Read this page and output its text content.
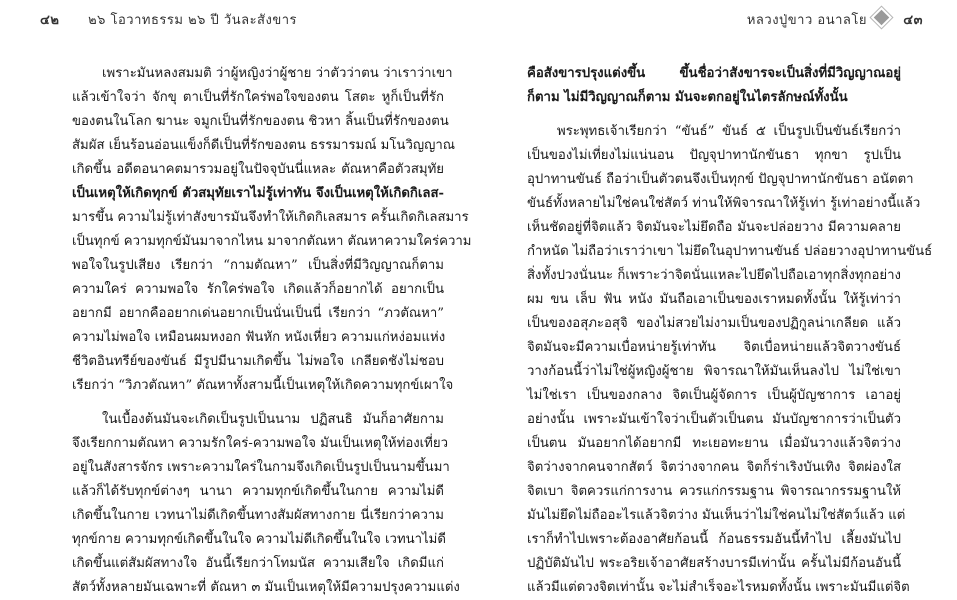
๔๒ ๒๖ โอวาทธรรม ๒๖ ปี วันละสังขาร
เพราะมันหลงสมมติ ว่าผู้หญิงว่าผู้ชาย ว่าตัวว่าตน ว่าเราว่าเขา
แล้วเข้าใจว่า จักขุ ตาเป็นที่รักใคร่พอใจของตน โสตะ หูก็เป็นที่รัก
ของตนในโลก ฆานะ จมูกเป็นที่รักของตน ชิวหา ลิ้นเป็นที่รักของตน
สัมผัส เย็นร้อนอ่อนแข็งก็ดีเป็นที่รักของตน ธรรมารมณ์ มโนวิญญาณ
เกิดขึ้น อดีตอนาคตมารวมอยู่ในปัจจุบันนี่แหละ ตัณหาคือตัวสมุทัย
เป็นเหตุให้เกิดทุกข์ ตัวสมุทัยเราไม่รู้เท่าทัน จึงเป็นเหตุให้เกิดกิเลส-
มารขึ้น ความไม่รู้เท่าสังขารมันจึงทำให้เกิดกิเลสมาร ครั้นเกิดกิเลสมาร
เป็นทุกข์ ความทุกข์มันมาจากไหน มาจากตัณหา ตัณหาความใคร่ความ
พอใจในรูปเสียง เรียกว่า “กามตัณหา” เป็นสิ่งที่มีวิญญาณก็ตาม
ความใคร่ ความพอใจ รักใคร่พอใจ เกิดแล้วก็อยากได้ อยากเป็น
อยากมี อยากคืออยากเด่นอยากเป็นนั่นเป็นนี่ เรียกว่า “ภวตัณหา”
ความไม่พอใจ เหมือนผมหงอก ฟันหัก หนังเหี่ยว ความแก่หง่อมแห่ง
ชีวิตอินทรีย์ของขันธ์ มีรูปมีนามเกิดขึ้น ไม่พอใจ เกลียดชังไม่ชอบ
เรียกว่า “วิภวตัณหา” ตัณหาทั้งสามนี้เป็นเหตุให้เกิดความทุกข์เผาใจ
ในเบื้องต้นมันจะเกิดเป็นรูปเป็นนาม ปฏิสนธิ มันก็อาศัยกาม
จึงเรียกกามตัณหา ความรักใคร่-ความพอใจ มันเป็นเหตุให้ท่องเที่ยว
อยู่ในสังสารจักร เพราะความใคร่ในกามจึงเกิดเป็นรูปเป็นนามขึ้นมา
แล้วก็ได้รับทุกข์ต่างๆ นานา ความทุกข์เกิดขึ้นในกาย ความไม่ดี
เกิดขึ้นในกาย เวทนาไม่ดีเกิดขึ้นทางสัมผัสทางกาย นี่เรียกว่าความ
ทุกข์กาย ความทุกข์เกิดขึ้นในใจ ความไม่ดีเกิดขึ้นในใจ เวทนาไม่ดี
เกิดขึ้นแต่สัมผัสทางใจ อันนี้เรียกว่าโทมนัส ความเสียใจ เกิดมีแก่
สัตว์ทั้งหลายมันเฉพาะที่ ตัณหา ๓ มันเป็นเหตุให้มีความปรุงความแต่ง
หลวงปู่ขาว อนาลโย	๔๓
คือสังขารปรุงแต่งขึ้น ขึ้นชื่อว่าสังขารจะเป็นสิ่งที่มีวิญญาณอยู่
ก็ตาม ไม่มีวิญญาณก็ตาม มันจะตกอยู่ในไตรลักษณ์ทั้งนั้น
พระพุทธเจ้าเรียกว่า “ขันธ์” ขันธ์ ๕ เป็นรูปเป็นขันธ์เรียกว่า
เป็นของไม่เที่ยงไม่แน่นอน ปัญจุปาทานักขันธา ทุกขา รูปเป็น
อุปาทานขันธ์ ถือว่าเป็นตัวตนจึงเป็นทุกข์ ปัญจุปาทานักขันธา อนัตตา
ขันธ์ทั้งหลายไม่ใช่คนใช่สัตว์ ท่านให้พิจารณาให้รู้เท่า รู้เท่าอย่างนี้แล้ว
เห็นชัดอยู่ที่จิตแล้ว จิตมันจะไม่ยึดถือ มันจะปล่อยวาง มีความคลาย
กำหนัด ไม่ถือว่าเราว่าเขา ไม่ยึดในอุปาทานขันธ์ ปล่อยวางอุปาทานขันธ์
สิ่งทั้งปวงนั่นนะ ก็เพราะว่าจิตนั่นแหละไปยึดไปถือเอาทุกสิ่งทุกอย่าง
ผม ขน เล็บ ฟัน หนัง มันถือเอาเป็นของเราหมดทั้งนั้น ให้รู้เท่าว่า
เป็นของอสุภะอสุจิ ของไม่สวยไม่งามเป็นของปฏิกูลน่าเกลียด แล้ว
จิตมันจะมีความเบื่อหน่ายรู้เท่าทัน จิตเบื่อหน่ายแล้วจิตวางขันธ์
วางก้อนนี้ว่าไม่ใช่ผู้หญิงผู้ชาย พิจารณาให้มันเห็นลงไป ไม่ใช่เขา
ไม่ใช่เรา เป็นของกลาง จิตเป็นผู้จัดการ เป็นผู้บัญชาการ เอาอยู่
อย่างนั้น เพราะมันเข้าใจว่าเป็นตัวเป็นตน มันบัญชาการว่าเป็นตัว
เป็นตน มันอยากได้อยากมี ทะเยอทะยาน เมื่อมันวางแล้วจิตว่าง
จิตว่างจากคนจากสัตว์ จิตว่างจากคน จิตก็ร่าเริงบันเทิง จิตผ่องใส
จิตเบา จิตควรแก่การงาน ควรแก่กรรมฐาน พิจารณากรรมฐานให้
มันไม่ยึดไม่ถืออะไรแล้วจิตว่าง มันเห็นว่าไม่ใช่คนไม่ใช่สัตว์แล้ว แต่
เราก็ทำไปเพราะต้องอาศัยก้อนนี้ ก้อนธรรมอันนี้ทำไป เลี้ยงมันไป
ปฏิบัติมันไป พระอริยเจ้าอาศัยสร้างบารมีเท่านั้น ครั้นไม่มีก้อนอันนี้
แล้วมีแต่ดวงจิตเท่านั้น จะไม่สำเร็จอะไรหมดทั้งนั้น เพราะมันมีแต่จิต
